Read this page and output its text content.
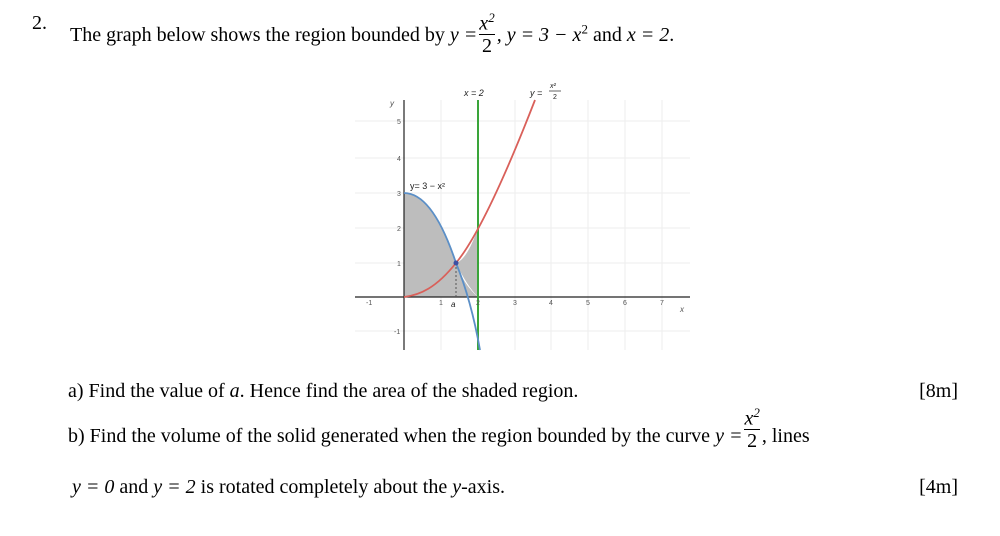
2.
The graph below shows the region bounded by $y = \frac{x^2}{2}$ , $y = 3 - x^2$ and x = 2.
-1	1	2	3	4	5	6	7
5
4
3
2
1
-1
x
y
x = 2	y =
x²
2
y= 3 − x²
a
a) Find the value of a. Hence find the area of the shaded region.	[8m]
b) Find the volume of the solid generated when the region bounded by the curve $y = \frac{x^2}{2}$ , lines
y = 0 and y = 2 is rotated completely about the y-axis.	[4m]
